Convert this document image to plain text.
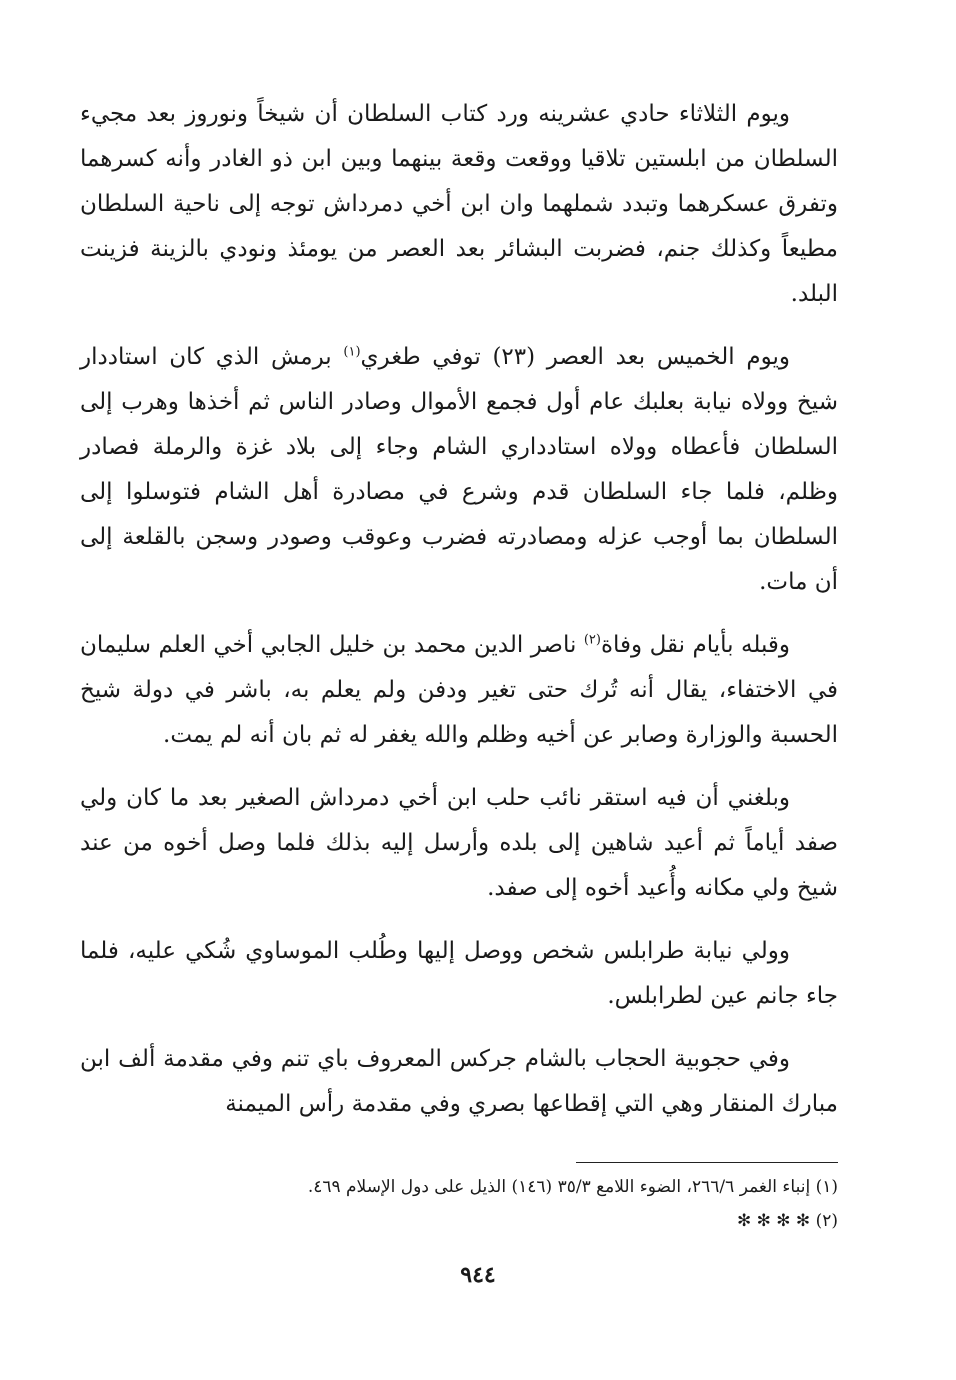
ويوم الثلاثاء حادي عشرينه ورد كتاب السلطان أن شيخاً ونوروز بعد مجيء السلطان من ابلستين تلاقيا ووقعت وقعة بينهما وبين ابن ذو الغادر وأنه كسرهما وتفرق عسكرهما وتبدد شملهما وان ابن أخي دمرداش توجه إلى ناحية السلطان مطيعاً وكذلك جنم، فضربت البشائر بعد العصر من يومئذ ونودي بالزينة فزينت البلد.

ويوم الخميس بعد العصر (٢٣) توفي طغري$^{(١)}$ برمش الذي كان استاددار شيخ وولاه نيابة بعلبك عام أول فجمع الأموال وصادر الناس ثم أخذها وهرب إلى السلطان فأعطاه وولاه استادداري الشام وجاء إلى بلاد غزة والرملة فصادر وظلم، فلما جاء السلطان قدم وشرع في مصادرة أهل الشام فتوسلوا إلى السلطان بما أوجب عزله ومصادرته فضرب وعوقب وصودر وسجن بالقلعة إلى أن مات.

وقبله بأيام نقل وفاة$^{(٢)}$ ناصر الدين محمد بن خليل الجابي أخي العلم سليمان في الاختفاء، يقال أنه تُرك حتى تغير ودفن ولم يعلم به، باشر في دولة شيخ الحسبة والوزارة وصابر عن أخيه وظلم والله يغفر له ثم بان أنه لم يمت.

وبلغني أن فيه استقر نائب حلب ابن أخي دمرداش الصغير بعد ما كان ولي صفد أياماً ثم أعيد شاهين إلى بلده وأرسل إليه بذلك فلما وصل أخوه من عند شيخ ولي مكانه وأُعيد أخوه إلى صفد.

وولي نيابة طرابلس شخص ووصل إليها وطُلب الموساوي شُكي عليه، فلما جاء جانم عين لطرابلس.

وفي حجوبية الحجاب بالشام جركس المعروف باي تنم وفي مقدمة ألف ابن مبارك المنقار وهي التي إقطاعها بصري وفي مقدمة رأس الميمنة

(١) إنباء الغمر ٢٦٦/٦، الضوء اللامع ٣٥/٣ (١٤٦) الذيل على دول الإسلام ٤٦٩.

(٢) ✻ ✻ ✻ ✻

٩٤٤
